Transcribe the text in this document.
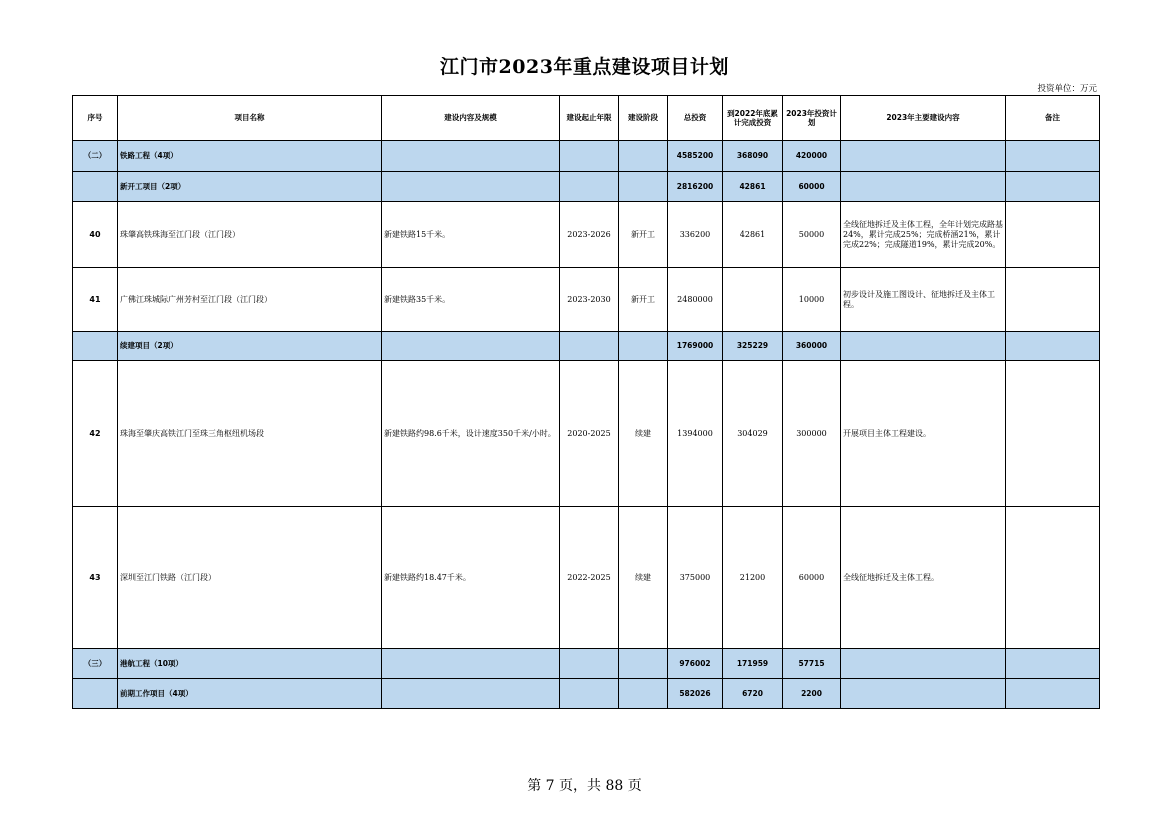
江门市2023年重点建设项目计划
投资单位：万元
序号	项目名称	建设内容及规模	建设起止年限	建设阶段	总投资	到2022年底累计完成投资	2023年投资计划	2023年主要建设内容	备注
（二）	铁路工程（4项）				4585200	368090	420000		
	新开工项目（2项）				2816200	42861	60000		
40	珠肇高铁珠海至江门段（江门段）	新建铁路15千米。	2023-2026	新开工	336200	42861	50000	全线征地拆迁及主体工程，全年计划完成路基24%，累计完成25%；完成桥涵21%，累计完成22%；完成隧道19%，累计完成20%。	
41	广佛江珠城际广州芳村至江门段（江门段）	新建铁路35千米。	2023-2030	新开工	2480000		10000	初步设计及施工图设计、征地拆迁及主体工程。	
	续建项目（2项）				1769000	325229	360000		
42	珠海至肇庆高铁江门至珠三角枢纽机场段	新建铁路约98.6千米，设计速度350千米/小时。	2020-2025	续建	1394000	304029	300000	开展项目主体工程建设。	
43	深圳至江门铁路（江门段）	新建铁路约18.47千米。	2022-2025	续建	375000	21200	60000	全线征地拆迁及主体工程。	
（三）	港航工程（10项）				976002	171959	57715		
	前期工作项目（4项）				582026	6720	2200		
第 7 页，共 88 页
